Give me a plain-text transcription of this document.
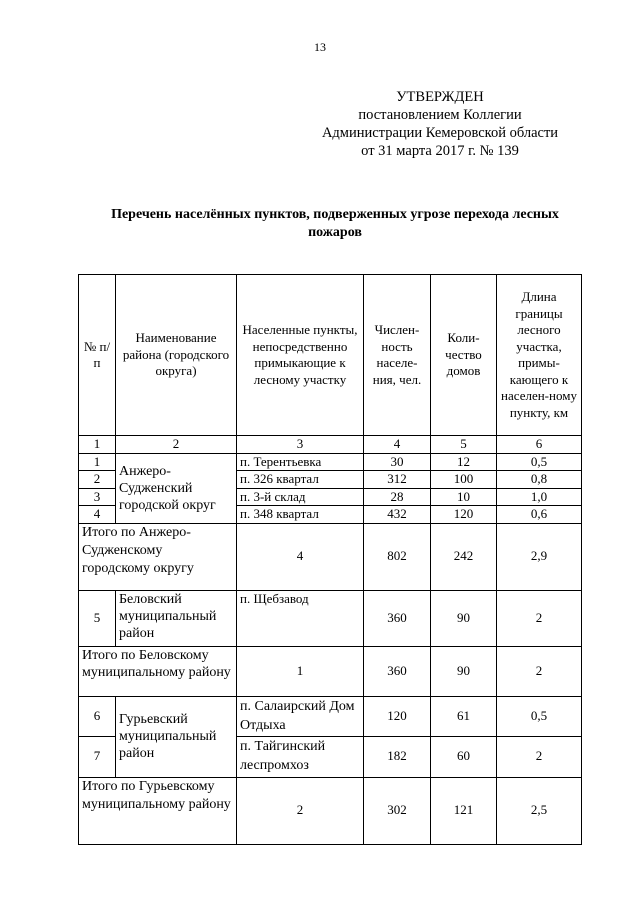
13
УТВЕРЖДЕН
постановлением Коллегии
Администрации Кемеровской области
от 31 марта 2017 г. № 139
Перечень населённых пунктов, подверженных угрозе перехода лесных пожаров
№ п/п	Наименование района (городского округа)	Населенные пункты, непосредственно примыкающие к лесному участку	Числен-ность населе-ния, чел.	Коли-чество домов	Длина границы лесного участка, примы-кающего к населен-ному пункту, км
1	2	3	4	5	6
1	Анжеро-Судженский городской округ	п. Терентьевка	30	12	0,5
2		п. 326 квартал	312	100	0,8
3		п. 3-й склад	28	10	1,0
4		п. 348 квартал	432	120	0,6
Итого по Анжеро-Судженскому городскому округу		4	802	242	2,9
5	Беловский муниципальный район	п. Щебзавод	360	90	2
Итого по Беловскому муниципальному району		1	360	90	2
6	Гурьевский муниципальный район	п. Салаирский Дом Отдыха	120	61	0,5
7		п. Тайгинский леспромхоз	182	60	2
Итого по Гурьевскому муниципальному району		2	302	121	2,5
